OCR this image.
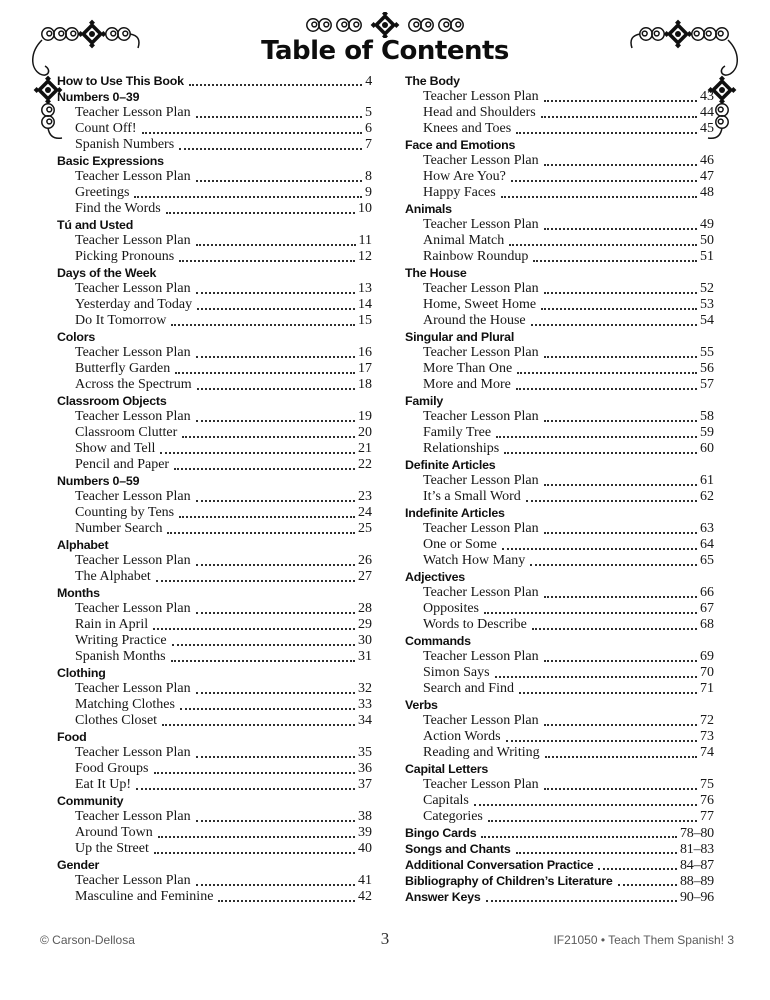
Table of Contents
How to Use This Book	4
Numbers 0–39
Teacher Lesson Plan	5
Count Off!	6
Spanish Numbers	7
Basic Expressions
Teacher Lesson Plan	8
Greetings	9
Find the Words	10
Tú and Usted
Teacher Lesson Plan	11
Picking Pronouns	12
Days of the Week
Teacher Lesson Plan	13
Yesterday and Today	14
Do It Tomorrow	15
Colors
Teacher Lesson Plan	16
Butterfly Garden	17
Across the Spectrum	18
Classroom Objects
Teacher Lesson Plan	19
Classroom Clutter	20
Show and Tell	21
Pencil and Paper	22
Numbers 0–59
Teacher Lesson Plan	23
Counting by Tens	24
Number Search	25
Alphabet
Teacher Lesson Plan	26
The Alphabet	27
Months
Teacher Lesson Plan	28
Rain in April	29
Writing Practice	30
Spanish Months	31
Clothing
Teacher Lesson Plan	32
Matching Clothes	33
Clothes Closet	34
Food
Teacher Lesson Plan	35
Food Groups	36
Eat It Up!	37
Community
Teacher Lesson Plan	38
Around Town	39
Up the Street	40
Gender
Teacher Lesson Plan	41
Masculine and Feminine	42
The Body
Teacher Lesson Plan	43
Head and Shoulders	44
Knees and Toes	45
Face and Emotions
Teacher Lesson Plan	46
How Are You?	47
Happy Faces	48
Animals
Teacher Lesson Plan	49
Animal Match	50
Rainbow Roundup	51
The House
Teacher Lesson Plan	52
Home, Sweet Home	53
Around the House	54
Singular and Plural
Teacher Lesson Plan	55
More Than One	56
More and More	57
Family
Teacher Lesson Plan	58
Family Tree	59
Relationships	60
Definite Articles
Teacher Lesson Plan	61
It’s a Small Word	62
Indefinite Articles
Teacher Lesson Plan	63
One or Some	64
Watch How Many	65
Adjectives
Teacher Lesson Plan	66
Opposites	67
Words to Describe	68
Commands
Teacher Lesson Plan	69
Simon Says	70
Search and Find	71
Verbs
Teacher Lesson Plan	72
Action Words	73
Reading and Writing	74
Capital Letters
Teacher Lesson Plan	75
Capitals	76
Categories	77
Bingo Cards	78–80
Songs and Chants	81–83
Additional Conversation Practice	84–87
Bibliography of Children’s Literature	88–89
Answer Keys	90–96
© Carson-Dellosa	3	IF21050 • Teach Them Spanish! 3
